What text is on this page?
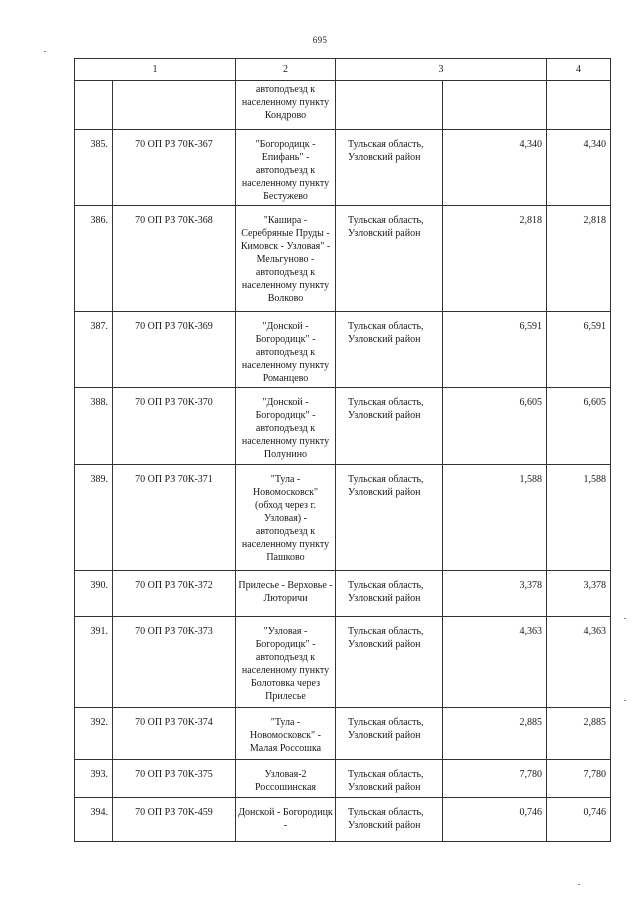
695
1		2	3		4
		автоподъезд к населенному пункту Кондрово			
385.	70 ОП РЗ 70К-367	"Богородицк - Епифань" - автоподъезд к населенному пункту Бестужево	Тульская область, Узловский район	4,340	4,340
386.	70 ОП РЗ 70К-368	"Кашира - Серебряные Пруды - Кимовск - Узловая" - Мельгуново - автоподъезд к населенному пункту Волково	Тульская область, Узловский район	2,818	2,818
387.	70 ОП РЗ 70К-369	"Донской - Богородицк" - автоподъезд к населенному пункту Романцево	Тульская область, Узловский район	6,591	6,591
388.	70 ОП РЗ 70К-370	"Донской - Богородицк" - автоподъезд к населенному пункту Полунино	Тульская область, Узловский район	6,605	6,605
389.	70 ОП РЗ 70К-371	"Тула - Новомосковск" (обход через г. Узловая) - автоподъезд к населенному пункту Пашково	Тульская область, Узловский район	1,588	1,588
390.	70 ОП РЗ 70К-372	Прилесье - Верховье - Люторичи	Тульская область, Узловский район	3,378	3,378
391.	70 ОП РЗ 70К-373	"Узловая - Богородицк" - автоподъезд к населенному пункту Болотовка через Прилесье	Тульская область, Узловский район	4,363	4,363
392.	70 ОП РЗ 70К-374	"Тула - Новомосковск" - Малая Россошка	Тульская область, Узловский район	2,885	2,885
393.	70 ОП РЗ 70К-375	Узловая-2 Россошинская	Тульская область, Узловский район	7,780	7,780
394.	70 ОП РЗ 70К-459	Донской - Богородицк -	Тульская область, Узловский район	0,746	0,746
